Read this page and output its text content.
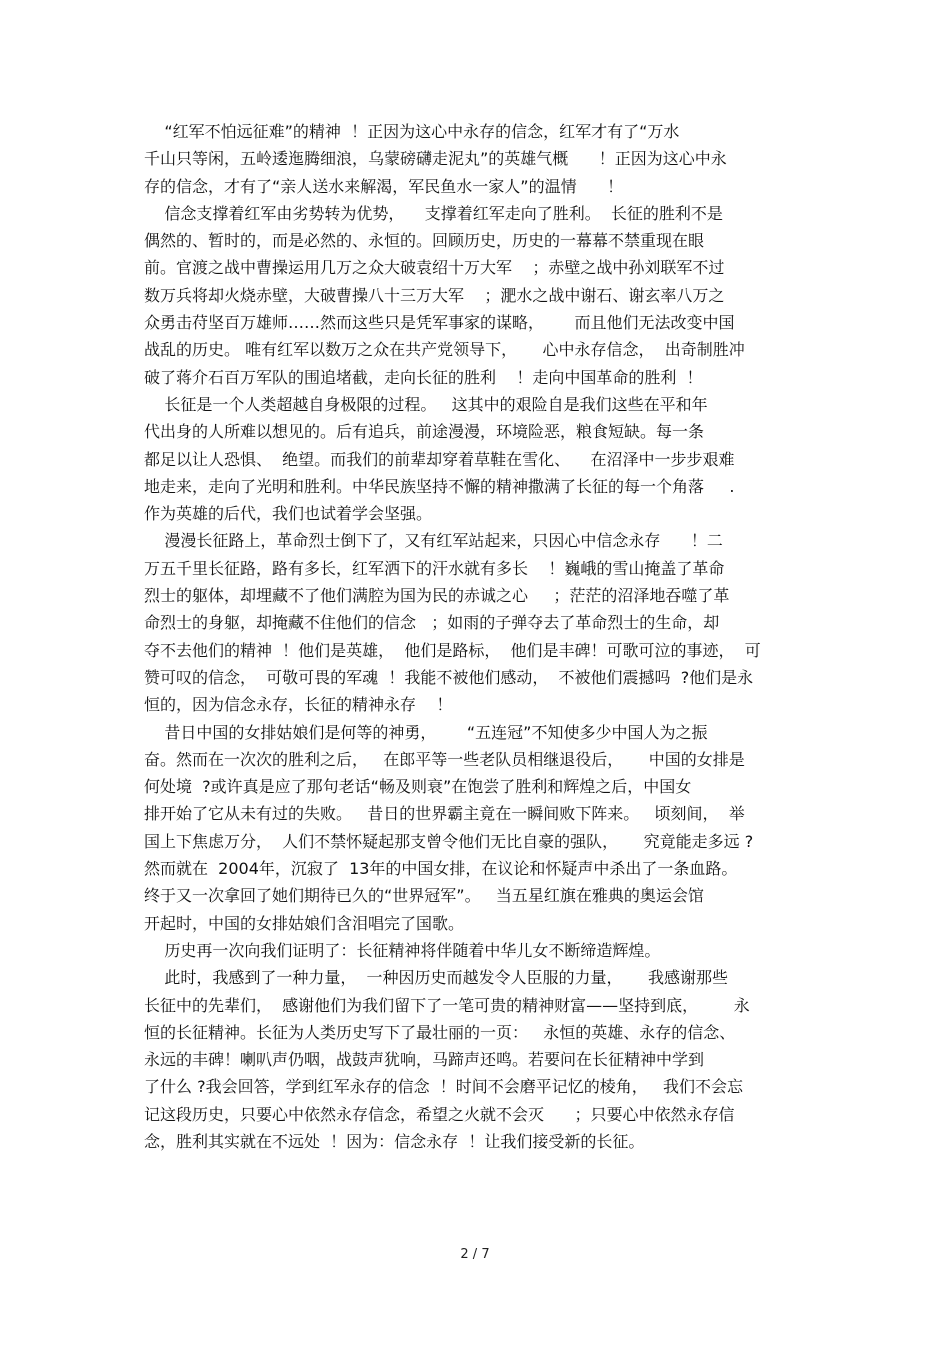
“红军不怕远征难”的精神  ！正因为这心中永存的信念，红军才有了“万水
千山只等闲，五岭逶迤腾细浪，乌蒙磅礴走泥丸”的英雄气概      ！正因为这心中永
存的信念，才有了“亲人送水来解渴，军民鱼水一家人”的温情      ！
信念支撑着红军由劣势转为优势，    支撑着红军走向了胜利。  长征的胜利不是
偶然的、暂时的，而是必然的、永恒的。回顾历史，历史的一幕幕不禁重现在眼
前。官渡之战中曹操运用几万之众大破袁绍十万大军    ；赤壁之战中孙刘联军不过
数万兵将却火烧赤壁，大破曹操八十三万大军    ；淝水之战中谢石、谢玄率八万之
众勇击苻坚百万雄师……然而这些只是凭军事家的谋略，      而且他们无法改变中国
战乱的历史。 唯有红军以数万之众在共产党领导下，     心中永存信念，  出奇制胜冲
破了蒋介石百万军队的围追堵截，走向长征的胜利    ！走向中国革命的胜利  ！
长征是一个人类超越自身极限的过程。   这其中的艰险自是我们这些在平和年
代出身的人所难以想见的。后有追兵，前途漫漫，环境险恶，粮食短缺。每一条
都足以让人恐惧、  绝望。而我们的前辈却穿着草鞋在雪化、    在沼泽中一步步艰难
地走来，走向了光明和胜利。中华民族坚持不懈的精神撒满了长征的每一个角落     .
作为英雄的后代，我们也试着学会坚强。
漫漫长征路上，革命烈士倒下了，又有红军站起来，只因心中信念永存      ！二
万五千里长征路，路有多长，红军洒下的汗水就有多长    ！巍峨的雪山掩盖了革命
烈士的躯体，却埋藏不了他们满腔为国为民的赤诚之心     ；茫茫的沼泽地吞噬了革
命烈士的身躯，却掩藏不住他们的信念   ；如雨的子弹夺去了革命烈士的生命，却
夺不去他们的精神  ！他们是英雄，  他们是路标，  他们是丰碑！可歌可泣的事迹，  可
赞可叹的信念，  可敬可畏的军魂  ！我能不被他们感动，  不被他们震撼吗  ?他们是永
恒的，因为信念永存，长征的精神永存    ！
昔日中国的女排姑娘们是何等的神勇，      “五连冠”不知使多少中国人为之振
奋。然而在一次次的胜利之后，   在郎平等一些老队员相继退役后，     中国的女排是
何处境  ?或许真是应了那句老话“畅及则衰”在饱尝了胜利和辉煌之后，中国女
排开始了它从未有过的失败。   昔日的世界霸主竟在一瞬间败下阵来。   顷刻间，  举
国上下焦虑万分，  人们不禁怀疑起那支曾令他们无比自豪的强队，     究竟能走多远 ?
然而就在  2004年，沉寂了  13年的中国女排，在议论和怀疑声中杀出了一条血路。
终于又一次拿回了她们期待已久的“世界冠军”。   当五星红旗在雅典的奥运会馆
开起时，中国的女排姑娘们含泪唱完了国歌。
历史再一次向我们证明了：长征精神将伴随着中华儿女不断缔造辉煌。
此时，我感到了一种力量，  一种因历史而越发令人臣服的力量，     我感谢那些
长征中的先辈们，  感谢他们为我们留下了一笔可贵的精神财富——坚持到底，       永
恒的长征精神。长征为人类历史写下了最壮丽的一页：   永恒的英雄、永存的信念、
永远的丰碑！喇叭声仍咽，战鼓声犹响，马蹄声还鸣。若要问在长征精神中学到
了什么 ?我会回答，学到红军永存的信念  ！时间不会磨平记忆的棱角，   我们不会忘
记这段历史，只要心中依然永存信念，希望之火就不会灭      ；只要心中依然永存信
念，胜利其实就在不远处  ！因为：信念永存  ！让我们接受新的长征。
2 / 7
